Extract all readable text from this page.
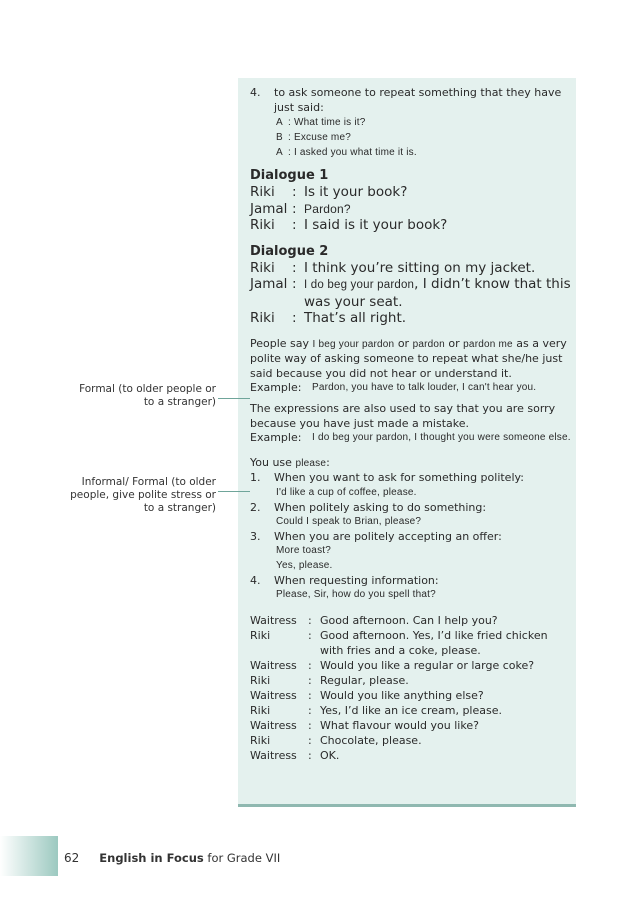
Formal (to older people or to a stranger)
Informal/ Formal (to older people, give polite stress or to a stranger)
4.	to ask someone to repeat something that they have just said:
A : What time is it?
B : Excuse me?
A : I asked you what time it is.
Dialogue 1
Riki	: Is it your book?
Jamal : Pardon?
Riki	: I said is it your book?
Dialogue 2
Riki	: I think you’re sitting on my jacket.
Jamal : I do beg your pardon, I didn’t know that this was your seat.
Riki	: That’s all right.
People say I beg your pardon or pardon or pardon me as a very polite way of asking someone to repeat what she/he just said because you did not hear or understand it.
Example:	Pardon, you have to talk louder, I can't hear you.
The expressions are also used to say that you are sorry because you have just made a mistake.
Example:	I do beg your pardon, I thought you were someone else.
You use please:
1.	When you want to ask for something politely:
I'd like a cup of coffee, please.
2.	When politely asking to do something:
Could I speak to Brian, please?
3.	When you are politely accepting an offer:
More toast?
Yes, please.
4.	When requesting information:
Please, Sir, how do you spell that?
Waitress	: Good afternoon. Can I help you?
Riki	: Good afternoon. Yes, I’d like fried chicken with fries and a coke, please.
Waitress	: Would you like a regular or large coke?
Riki	: Regular, please.
Waitress	: Would you like anything else?
Riki	: Yes, I’d like an ice cream, please.
Waitress	: What flavour would you like?
Riki	: Chocolate, please.
Waitress	: OK.
62 English in Focus for Grade VII
